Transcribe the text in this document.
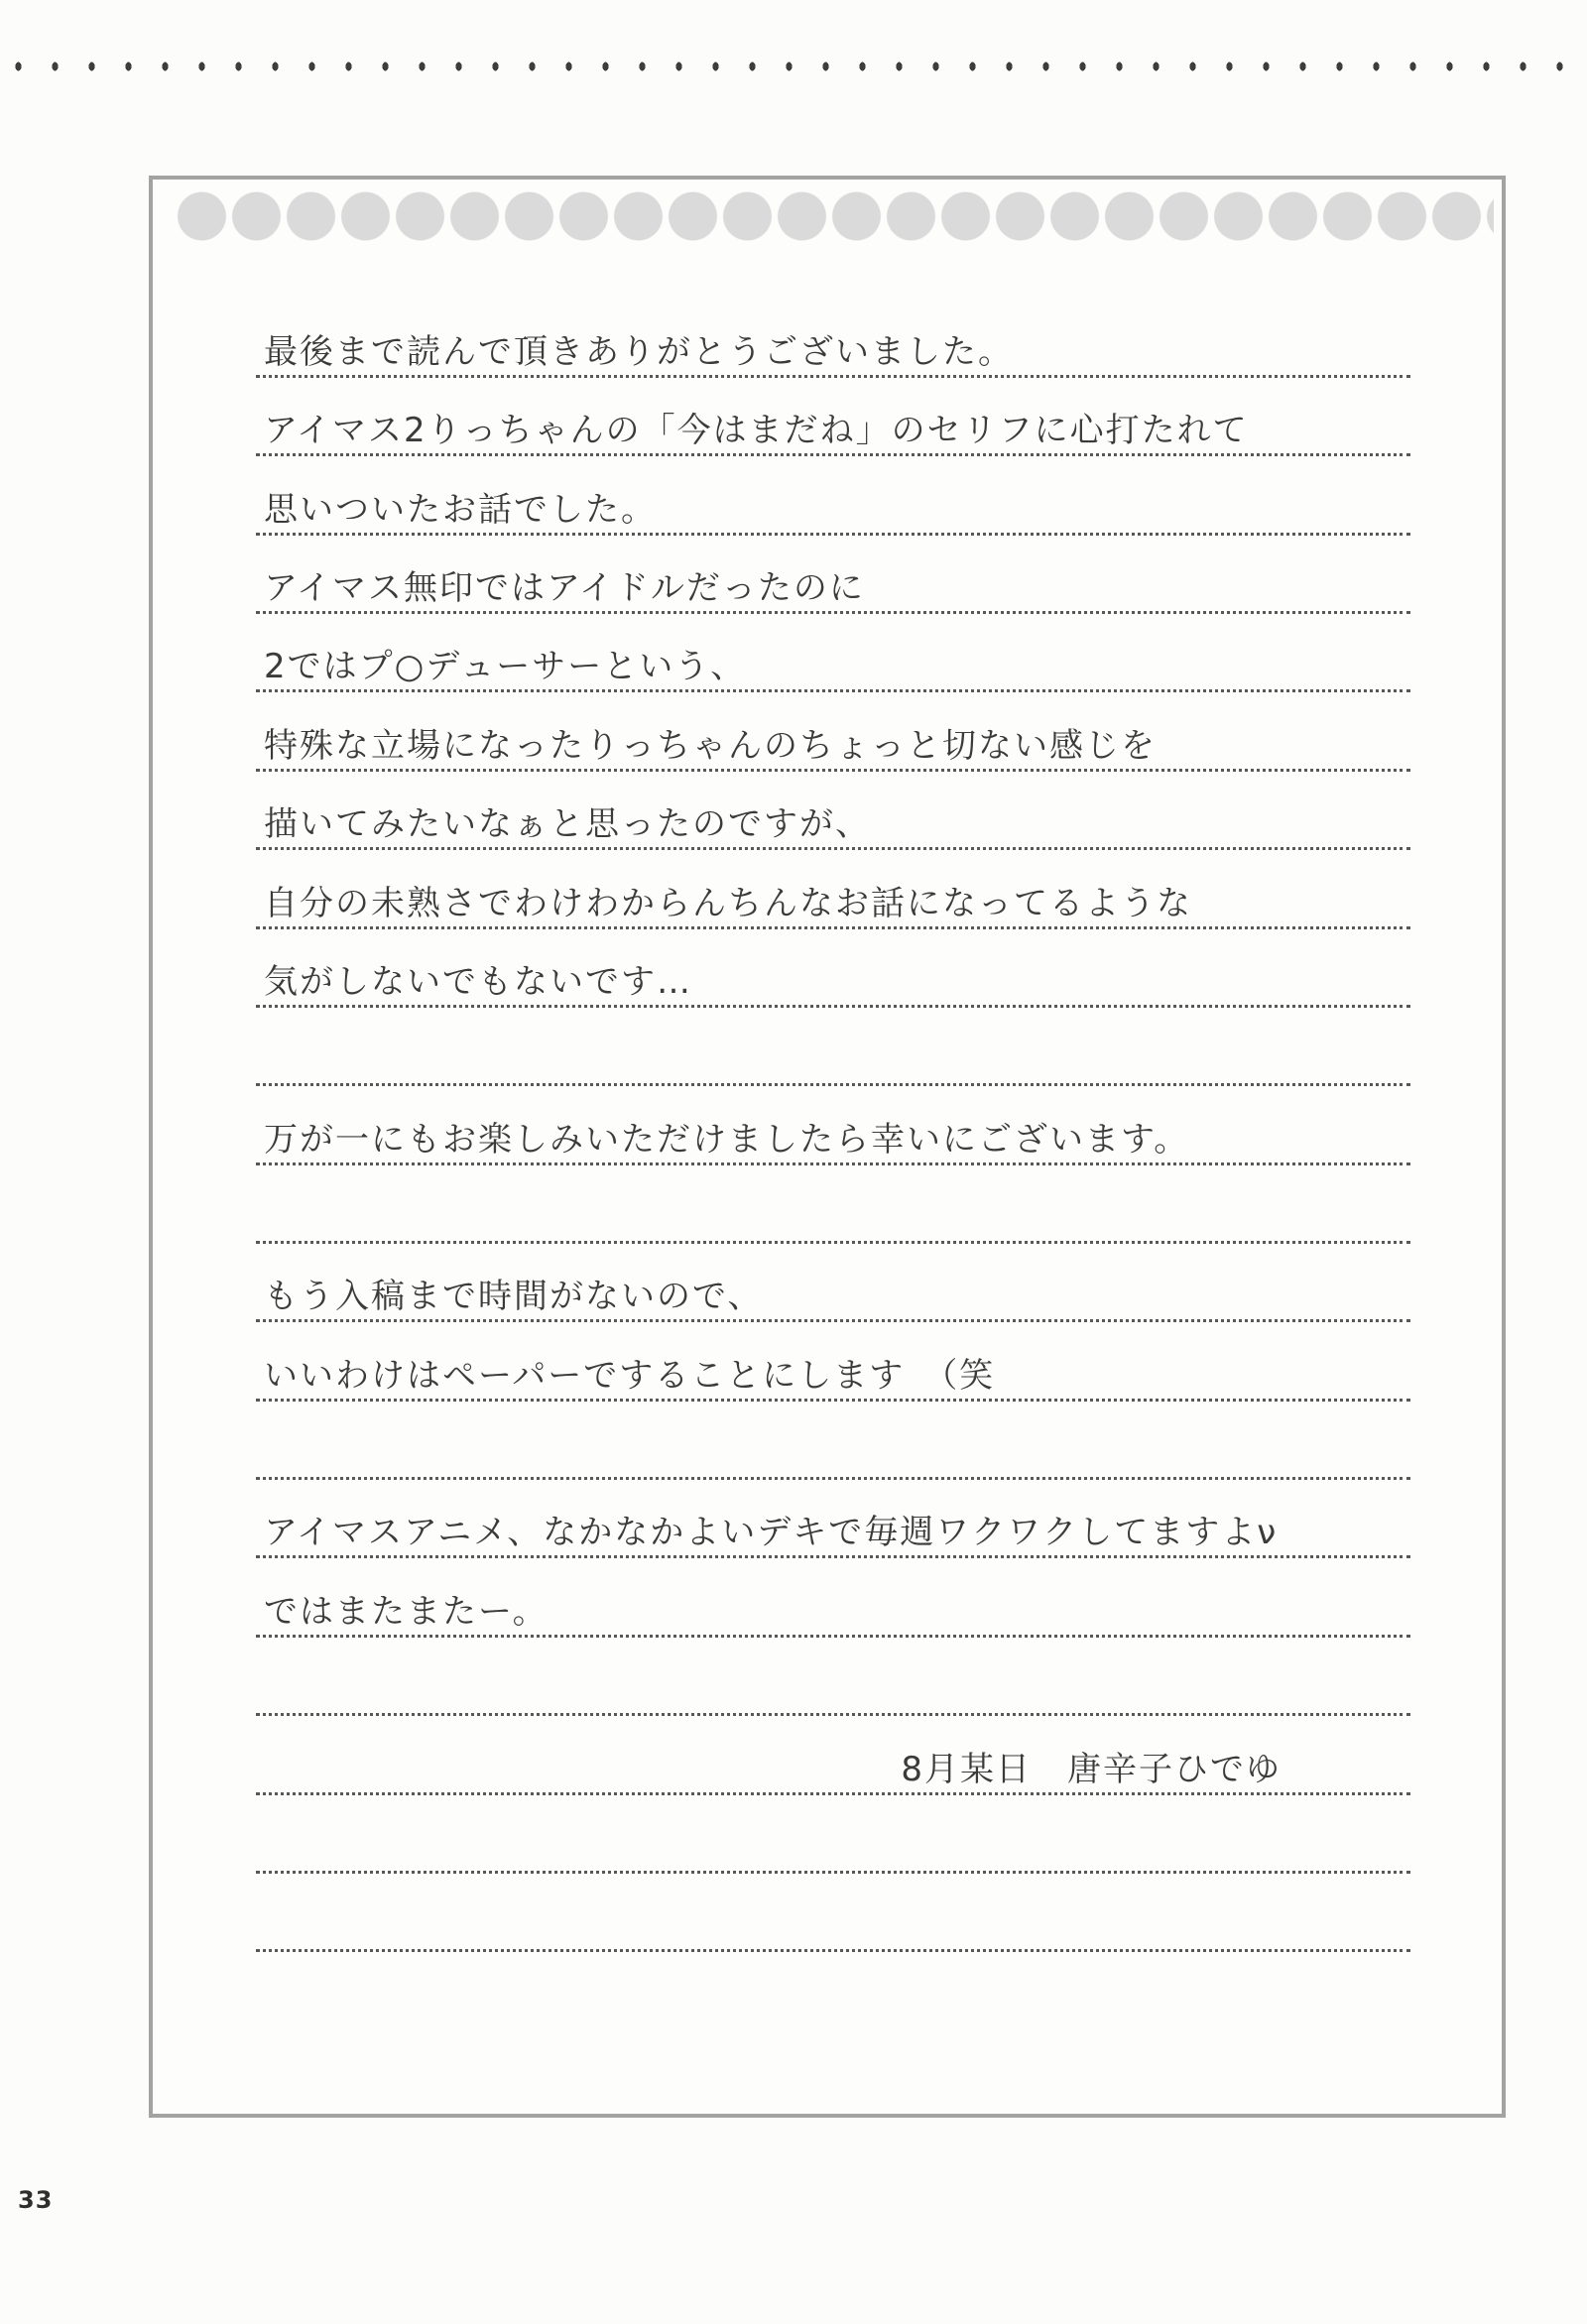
最後まで読んで頂きありがとうございました。
アイマス2りっちゃんの「今はまだね」のセリフに心打たれて
思いついたお話でした。
アイマス無印ではアイドルだったのに
2ではプ○デューサーという、
特殊な立場になったりっちゃんのちょっと切ない感じを
描いてみたいなぁと思ったのですが、
自分の未熟さでわけわからんちんなお話になってるような
気がしないでもないです…
万が一にもお楽しみいただけましたら幸いにございます。
もう入稿まで時間がないので、
いいわけはペーパーですることにします　（笑
アイマスアニメ、なかなかよいデキで毎週ワクワクしてますよν
ではまたまたー。
8月某日　唐辛子ひでゆ
33
